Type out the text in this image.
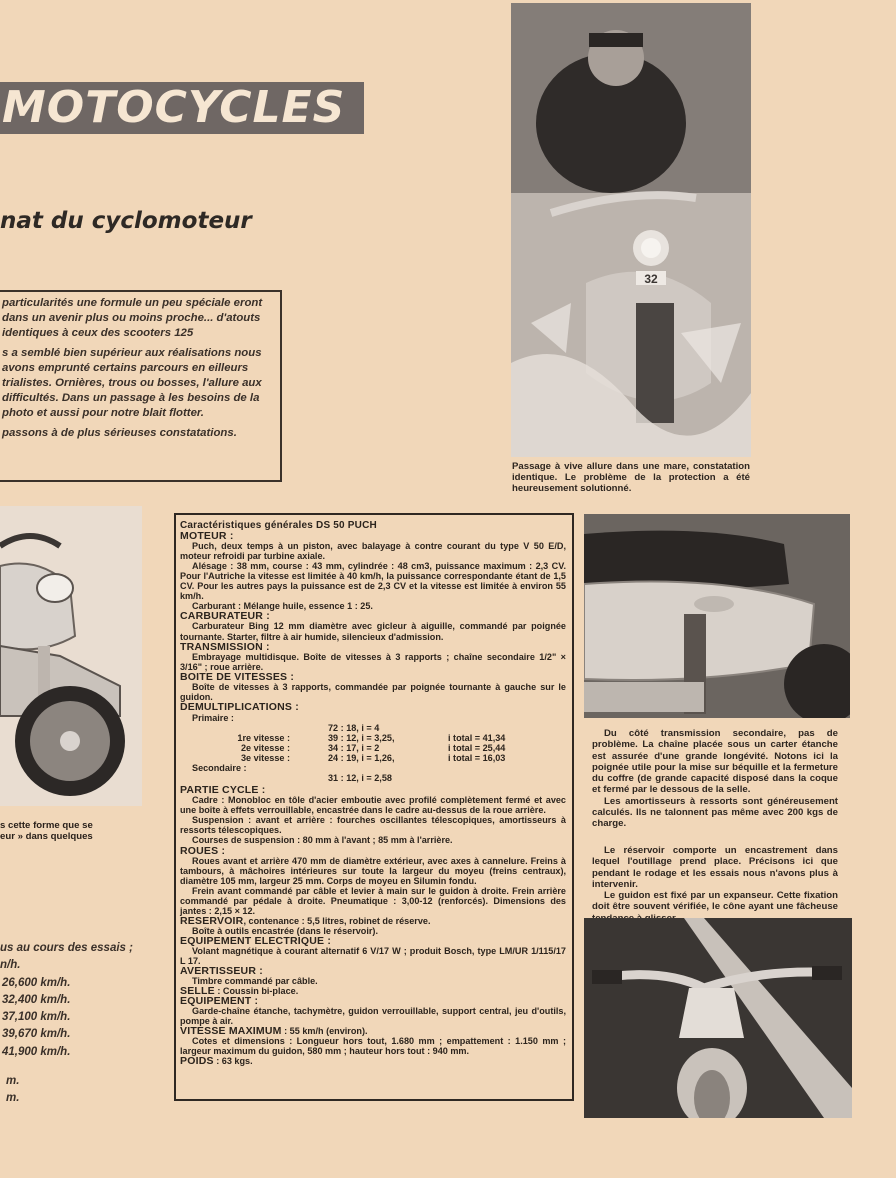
MOTOCYCLES
nat du cyclomoteur

particularités une formule un peu spéciale eront dans un avenir plus ou moins proche... d'atouts identiques à ceux des scooters 125

s a semblé bien supérieur aux réalisations nous avons emprunté certains parcours en eilleurs trialistes. Ornières, trous ou bosses, l'allure aux difficultés. Dans un passage à les besoins de la photo et aussi pour notre blait flotter.

passons à de plus sérieuses constatations.

32
Passage à vive allure dans une mare, constatation identique. Le problème de la protection a été heureusement solutionné.
s cette forme que se eur » dans quelques
us au cours des essais ;
n/h.
26,600 km/h.
32,400 km/h.
37,100 km/h.
39,670 km/h.
41,900 km/h.
m.
m.
Caractéristiques générales DS 50 PUCH
MOTEUR :
Puch, deux temps à un piston, avec balayage à contre courant du type V 50 E/D, moteur refroidi par turbine axiale.
Alésage : 38 mm, course : 43 mm, cylindrée : 48 cm3, puissance maximum : 2,3 CV. Pour l'Autriche la vitesse est limitée à 40 km/h, la puissance correspondante étant de 1,5 CV. Pour les autres pays la puissance est de 2,3 CV et la vitesse est limitée à environ 55 km/h.
Carburant : Mélange huile, essence 1 : 25.
CARBURATEUR :
Carburateur Bing 12 mm diamètre avec gicleur à aiguille, commandé par poignée tournante. Starter, filtre à air humide, silencieux d'admission.
TRANSMISSION :
Embrayage multidisque. Boîte de vitesses à 3 rapports ; chaîne secondaire 1/2" × 3/16" ; roue arrière.
BOITE DE VITESSES :
Boîte de vitesses à 3 rapports, commandée par poignée tournante à gauche sur le guidon.
DEMULTIPLICATIONS :
Primaire :
72 : 18, i = 4
1re vitesse :	39 : 12, i = 3,25,	i total = 41,34
2e vitesse :	34 : 17, i = 2	i total = 25,44
3e vitesse :	24 : 19, i = 1,26,	i total = 16,03
Secondaire :
31 : 12, i = 2,58
PARTIE CYCLE :
Cadre : Monobloc en tôle d'acier emboutie avec profilé complètement fermé et avec une boîte à effets verrouillable, encastrée dans le cadre au-dessus de la roue arrière.
Suspension : avant et arrière : fourches oscillantes télescopiques, amortisseurs à ressorts télescopiques.
Courses de suspension : 80 mm à l'avant ; 85 mm à l'arrière.
ROUES :
Roues avant et arrière 470 mm de diamètre extérieur, avec axes à cannelure. Freins à tambours, à mâchoires intérieures sur toute la largeur du moyeu (freins centraux), diamètre 105 mm, largeur 25 mm. Corps de moyeu en Silumin fondu.
Frein avant commandé par câble et levier à main sur le guidon à droite. Frein arrière commandé par pédale à droite. Pneumatique : 3,00-12 (renforcés). Dimensions des jantes : 2,15 × 12.
RESERVOIR, contenance : 5,5 litres, robinet de réserve.
Boîte à outils encastrée (dans le réservoir).
EQUIPEMENT ELECTRIQUE :
Volant magnétique à courant alternatif 6 V/17 W ; produit Bosch, type LM/UR 1/115/17 L 17.
AVERTISSEUR :
Timbre commandé par câble.
SELLE : Coussin bi-place.
EQUIPEMENT :
Garde-chaîne étanche, tachymètre, guidon verrouillable, support central, jeu d'outils, pompe à air.
VITESSE MAXIMUM : 55 km/h (environ).
Cotes et dimensions : Longueur hors tout, 1.680 mm ; empattement : 1.150 mm ; largeur maximum du guidon, 580 mm ; hauteur hors tout : 940 mm.
POIDS : 63 kgs.

Du côté transmission secondaire, pas de problème. La chaîne placée sous un carter étanche est assurée d'une grande longévité. Notons ici la poignée utile pour la mise sur béquille et la fermeture du coffre (de grande capacité disposé dans la coque et fermé par le dessous de la selle.

Les amortisseurs à ressorts sont généreusement calculés. Ils ne talonnent pas même avec 200 kgs de charge.

Le réservoir comporte un encastrement dans lequel l'outillage prend place. Précisons ici que pendant le rodage et les essais nous n'avons plus à intervenir.

Le guidon est fixé par un expanseur. Cette fixation doit être souvent vérifiée, le cône ayant une fâcheuse
